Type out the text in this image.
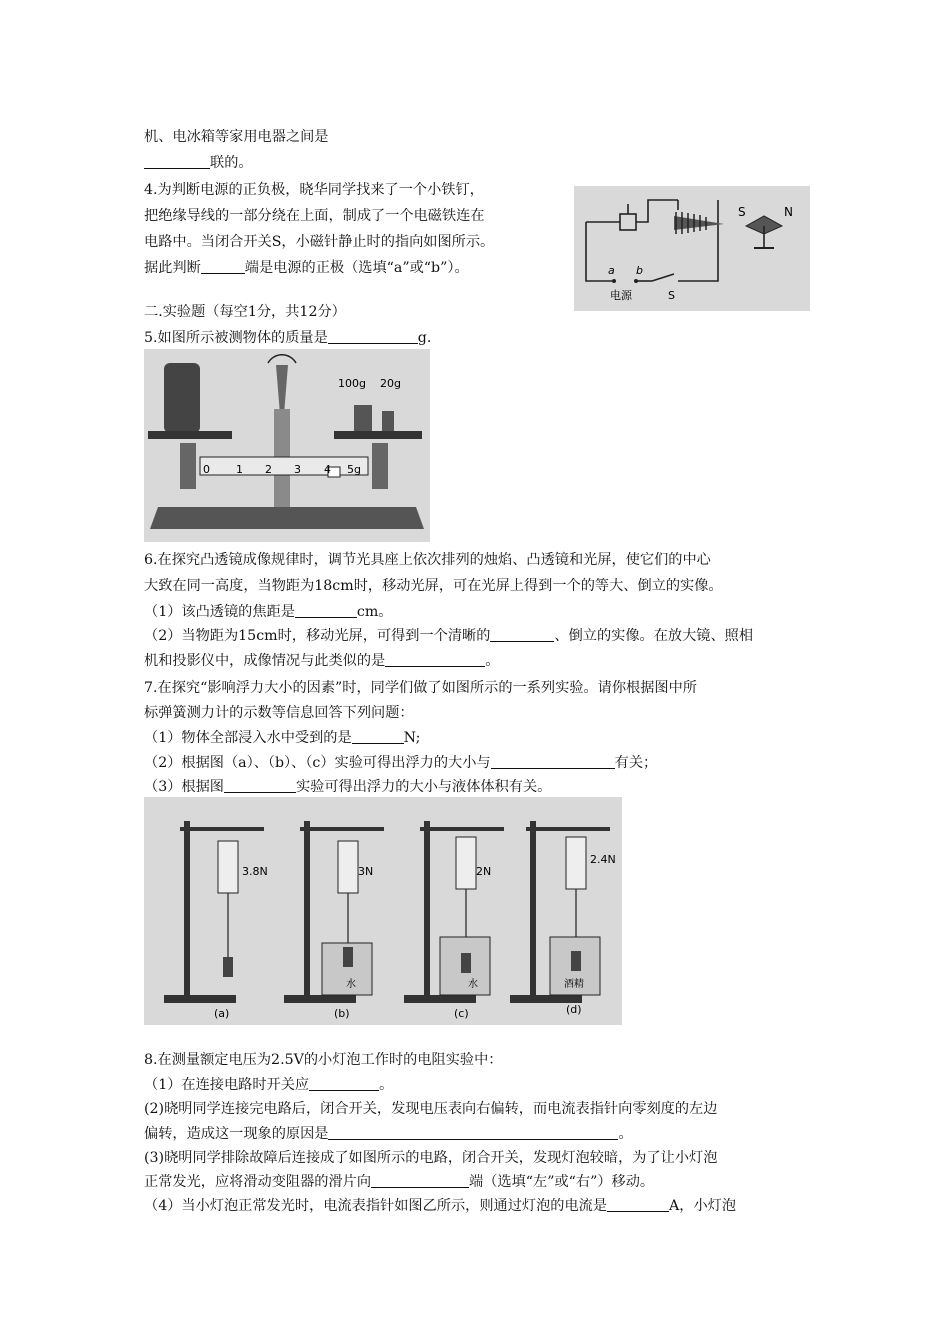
机、电冰箱等家用电器之间是
联的。
4.为判断电源的正负极，晓华同学找来了一个小铁钉，
把绝缘导线的一部分绕在上面，制成了一个电磁铁连在
电路中。当闭合开关S，小磁针静止时的指向如图所示。
据此判断	端是电源的正极（选填“a”或“b”）。
二.实验题（每空1分，共12分）
5.如图所示被测物体的质量是	g.
6.在探究凸透镜成像规律时，调节光具座上依次排列的烛焰、凸透镜和光屏，使它们的中心
大致在同一高度，当物距为18cm时，移动光屏，可在光屏上得到一个的等大、倒立的实像。
（1）该凸透镜的焦距是	cm。
（2）当物距为15cm时，移动光屏，可得到一个清晰的	、倒立的实像。在放大镜、照相
机和投影仪中，成像情况与此类似的是	。
7.在探究“影响浮力大小的因素”时，同学们做了如图所示的一系列实验。请你根据图中所
标弹簧测力计的示数等信息回答下列问题：
（1）物体全部浸入水中受到的是	N;
（2）根据图（a）、（b）、（c）实验可得出浮力的大小与	有关；
（3）根据图	实验可得出浮力的大小与液体体积有关。
8.在测量额定电压为2.5V的小灯泡工作时的电阻实验中：
（1）在连接电路时开关应	。
(2)晓明同学连接完电路后，闭合开关，发现电压表向右偏转，而电流表指针向零刻度的左边
偏转，造成这一现象的原因是	。
(3)晓明同学排除故障后连接成了如图所示的电路，闭合开关，发现灯泡较暗，为了让小灯泡
正常发光，应将滑动变阻器的滑片向	端（选填“左”或“右”）移动。
（4）当小灯泡正常发光时，电流表指针如图乙所示，则通过灯泡的电流是	A，小灯泡
S	N
a b
电源	S
100g 20g
0 1 2 3 4 5g
3.8N
(a)
3N
水
(b)
2N
水
(c)
2.4N
酒精
(d)
